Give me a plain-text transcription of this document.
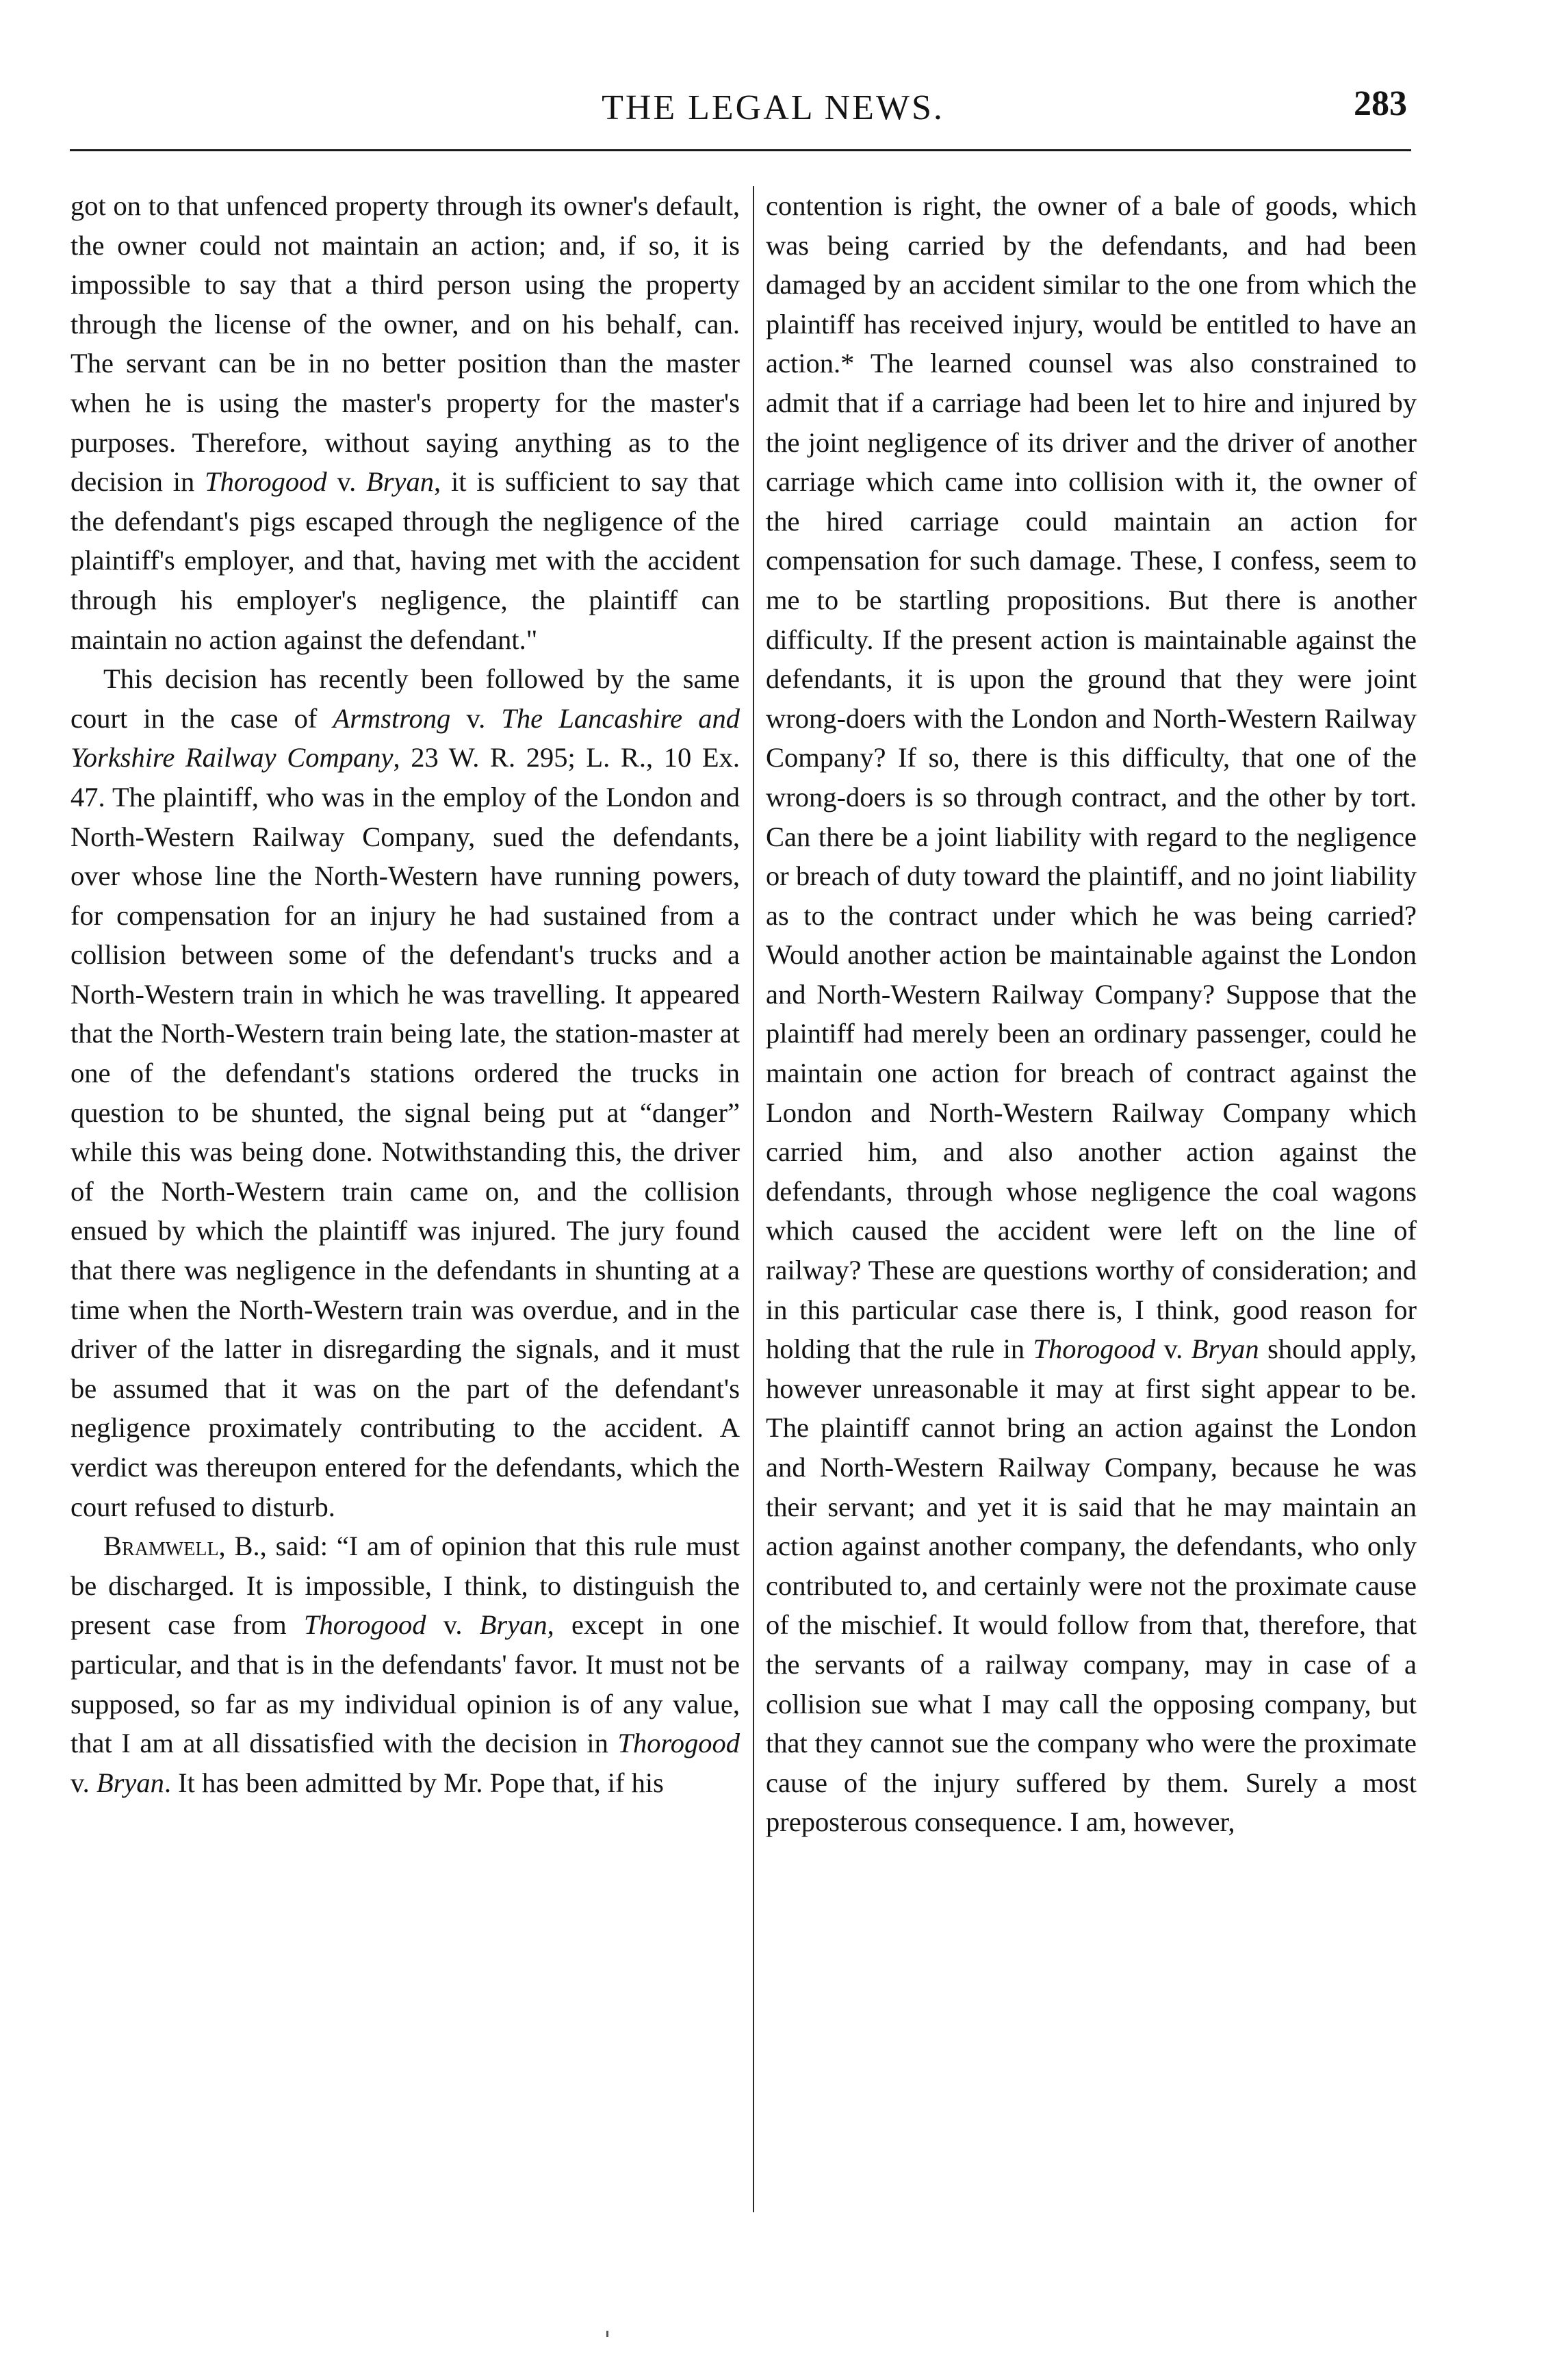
THE LEGAL NEWS.	283

got on to that unfenced property through its owner's default, the owner could not maintain an action; and, if so, it is impossible to say that a third person using the property through the license of the owner, and on his behalf, can. The servant can be in no better position than the master when he is using the master's property for the master's purposes. Therefore, without saying anything as to the decision in Thorogood v. Bryan, it is sufficient to say that the defendant's pigs escaped through the negligence of the plaintiff's employer, and that, having met with the accident through his employer's negligence, the plaintiff can maintain no action against the defendant."

This decision has recently been followed by the same court in the case of Armstrong v. The Lancashire and Yorkshire Railway Company, 23 W. R. 295; L. R., 10 Ex. 47. The plaintiff, who was in the employ of the London and North-Western Railway Company, sued the defendants, over whose line the North-Western have running powers, for compensation for an injury he had sustained from a collision between some of the defendant's trucks and a North-Western train in which he was travelling. It appeared that the North-Western train being late, the station-master at one of the defendant's stations ordered the trucks in question to be shunted, the signal being put at “danger” while this was being done. Notwithstanding this, the driver of the North-Western train came on, and the collision ensued by which the plaintiff was injured. The jury found that there was negligence in the defendants in shunting at a time when the North-Western train was overdue, and in the driver of the latter in disregarding the signals, and it must be assumed that it was on the part of the defendant's negligence proximately contributing to the accident. A verdict was thereupon entered for the defendants, which the court refused to disturb.

Bramwell, B., said: “I am of opinion that this rule must be discharged. It is impossible, I think, to distinguish the present case from Thorogood v. Bryan, except in one particular, and that is in the defendants' favor. It must not be supposed, so far as my individual opinion is of any value, that I am at all dissatisfied with the decision in Thorogood v. Bryan. It has been admitted by Mr. Pope that, if his

contention is right, the owner of a bale of goods, which was being carried by the defendants, and had been damaged by an accident similar to the one from which the plaintiff has received injury, would be entitled to have an action.* The learned counsel was also constrained to admit that if a carriage had been let to hire and injured by the joint negligence of its driver and the driver of another carriage which came into collision with it, the owner of the hired carriage could maintain an action for compensation for such damage. These, I confess, seem to me to be startling propositions. But there is another difficulty. If the present action is maintainable against the defendants, it is upon the ground that they were joint wrong-doers with the London and North-Western Railway Company? If so, there is this difficulty, that one of the wrong-doers is so through contract, and the other by tort. Can there be a joint liability with regard to the negligence or breach of duty toward the plaintiff, and no joint liability as to the contract under which he was being carried? Would another action be maintainable against the London and North-Western Railway Company? Suppose that the plaintiff had merely been an ordinary passenger, could he maintain one action for breach of contract against the London and North-Western Railway Company which carried him, and also another action against the defendants, through whose negligence the coal wagons which caused the accident were left on the line of railway? These are questions worthy of consideration; and in this particular case there is, I think, good reason for holding that the rule in Thorogood v. Bryan should apply, however unreasonable it may at first sight appear to be. The plaintiff cannot bring an action against the London and North-Western Railway Company, because he was their servant; and yet it is said that he may maintain an action against another company, the defendants, who only contributed to, and certainly were not the proximate cause of the mischief. It would follow from that, therefore, that the servants of a railway company, may in case of a collision sue what I may call the opposing company, but that they cannot sue the company who were the proximate cause of the injury suffered by them. Surely a most preposterous consequence. I am, however,
